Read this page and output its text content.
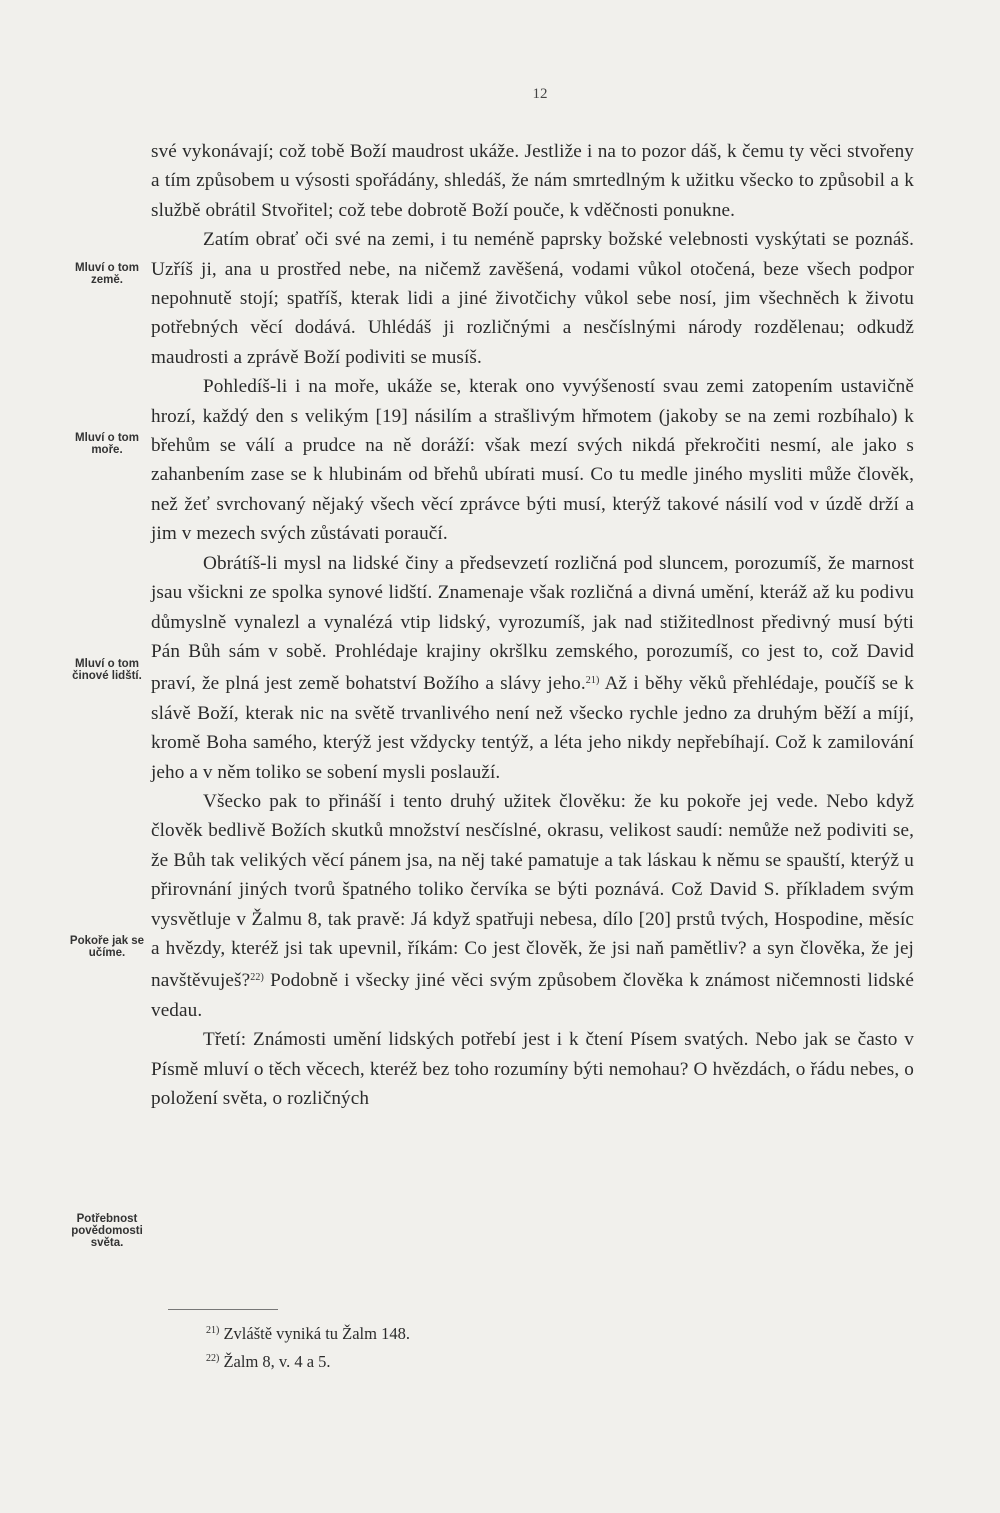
12

své vykonávají; což tobě Boží maudrost ukáže. Jestliže i na to pozor dáš, k čemu ty věci stvořeny a tím způsobem u výsosti spořádány, shledáš, že nám smrtedlným k užitku všecko to způsobil a k službě obrátil Stvořitel; což tebe dobrotě Boží pouče, k vděčnosti ponukne.

Zatím obrať oči své na zemi, i tu neméně paprsky božské velebnosti vyskýtati se poznáš. Uzříš ji, ana u prostřed nebe, na ničemž zavěšená, vodami vůkol otočená, beze všech podpor nepohnutě stojí; spatříš, kterak lidi a jiné životčichy vůkol sebe nosí, jim všechněch k životu potřebných věcí dodává. Uhlédáš ji rozličnými a nesčíslnými národy rozdělenau; odkudž maudrosti a zprávě Boží podiviti se musíš.

Pohledíš-li i na moře, ukáže se, kterak ono vyvýšeností svau zemi zatopením ustavičně hrozí, každý den s velikým [19] násilím a strašlivým hřmotem (jakoby se na zemi rozbíhalo) k břehům se válí a prudce na ně doráží: však mezí svých nikdá překročiti nesmí, ale jako s zahanbením zase se k hlubinám od břehů ubírati musí. Co tu medle jiného mysliti může člověk, než žeť svrchovaný nějaký všech věcí zprávce býti musí, kterýž takové násilí vod v úzdě drží a jim v mezech svých zůstávati poraučí.

Obrátíš-li mysl na lidské činy a předsevzetí rozličná pod sluncem, porozumíš, že marnost jsau všickni ze spolka synové lidští. Znamenaje však rozličná a divná umění, kteráž až ku podivu důmyslně vynalezl a vynalézá vtip lidský, vyrozumíš, jak nad stižitedlnost předivný musí býti Pán Bůh sám v sobě. Prohlédaje krajiny okršlku zemského, porozumíš, co jest to, což David praví, že plná jest země bohatství Božího a slávy jeho.$^{21)}$ Až i běhy věků přehlédaje, poučíš se k slávě Boží, kterak nic na světě trvanlivého není než všecko rychle jedno za druhým běží a míjí, kromě Boha samého, kterýž jest vždycky tentýž, a léta jeho nikdy nepřebíhají. Což k zamilování jeho a v něm toliko se sobení mysli poslauží.

Všecko pak to přináší i tento druhý užitek člověku: že ku pokoře jej vede. Nebo když člověk bedlivě Božích skutků množství nesčíslné, okrasu, velikost saudí: nemůže než podiviti se, že Bůh tak velikých věcí pánem jsa, na něj také pamatuje a tak láskau k němu se spauští, kterýž u přirovnání jiných tvorů špatného toliko červíka se býti poznává. Což David S. příkladem svým vysvětluje v Žalmu 8, tak pravě: Já když spatřuji nebesa, dílo [20] prstů tvých, Hospodine, měsíc a hvězdy, kteréž jsi tak upevnil, říkám: Co jest člověk, že jsi naň pamětliv? a syn člověka, že jej navštěvuješ?$^{22)}$ Podobně i všecky jiné věci svým způsobem člověka k známost ničemnosti lidské vedau.

Třetí: Známosti umění lidských potřebí jest i k čtení Písem svatých. Nebo jak se často v Písmě mluví o těch věcech, kteréž bez toho rozumíny býti nemohau? O hvězdách, o řádu nebes, o položení světa, o rozličných

Mluví o tom zemĕ.
Mluví o tom moře.
Mluví o tom činové lidští.
Pokoře jak se učíme.
Potřebnost povědomosti světa.
$^{21)}$ Zvláště vyniká tu Žalm 148.
$^{22)}$ Žalm 8, v. 4 a 5.
